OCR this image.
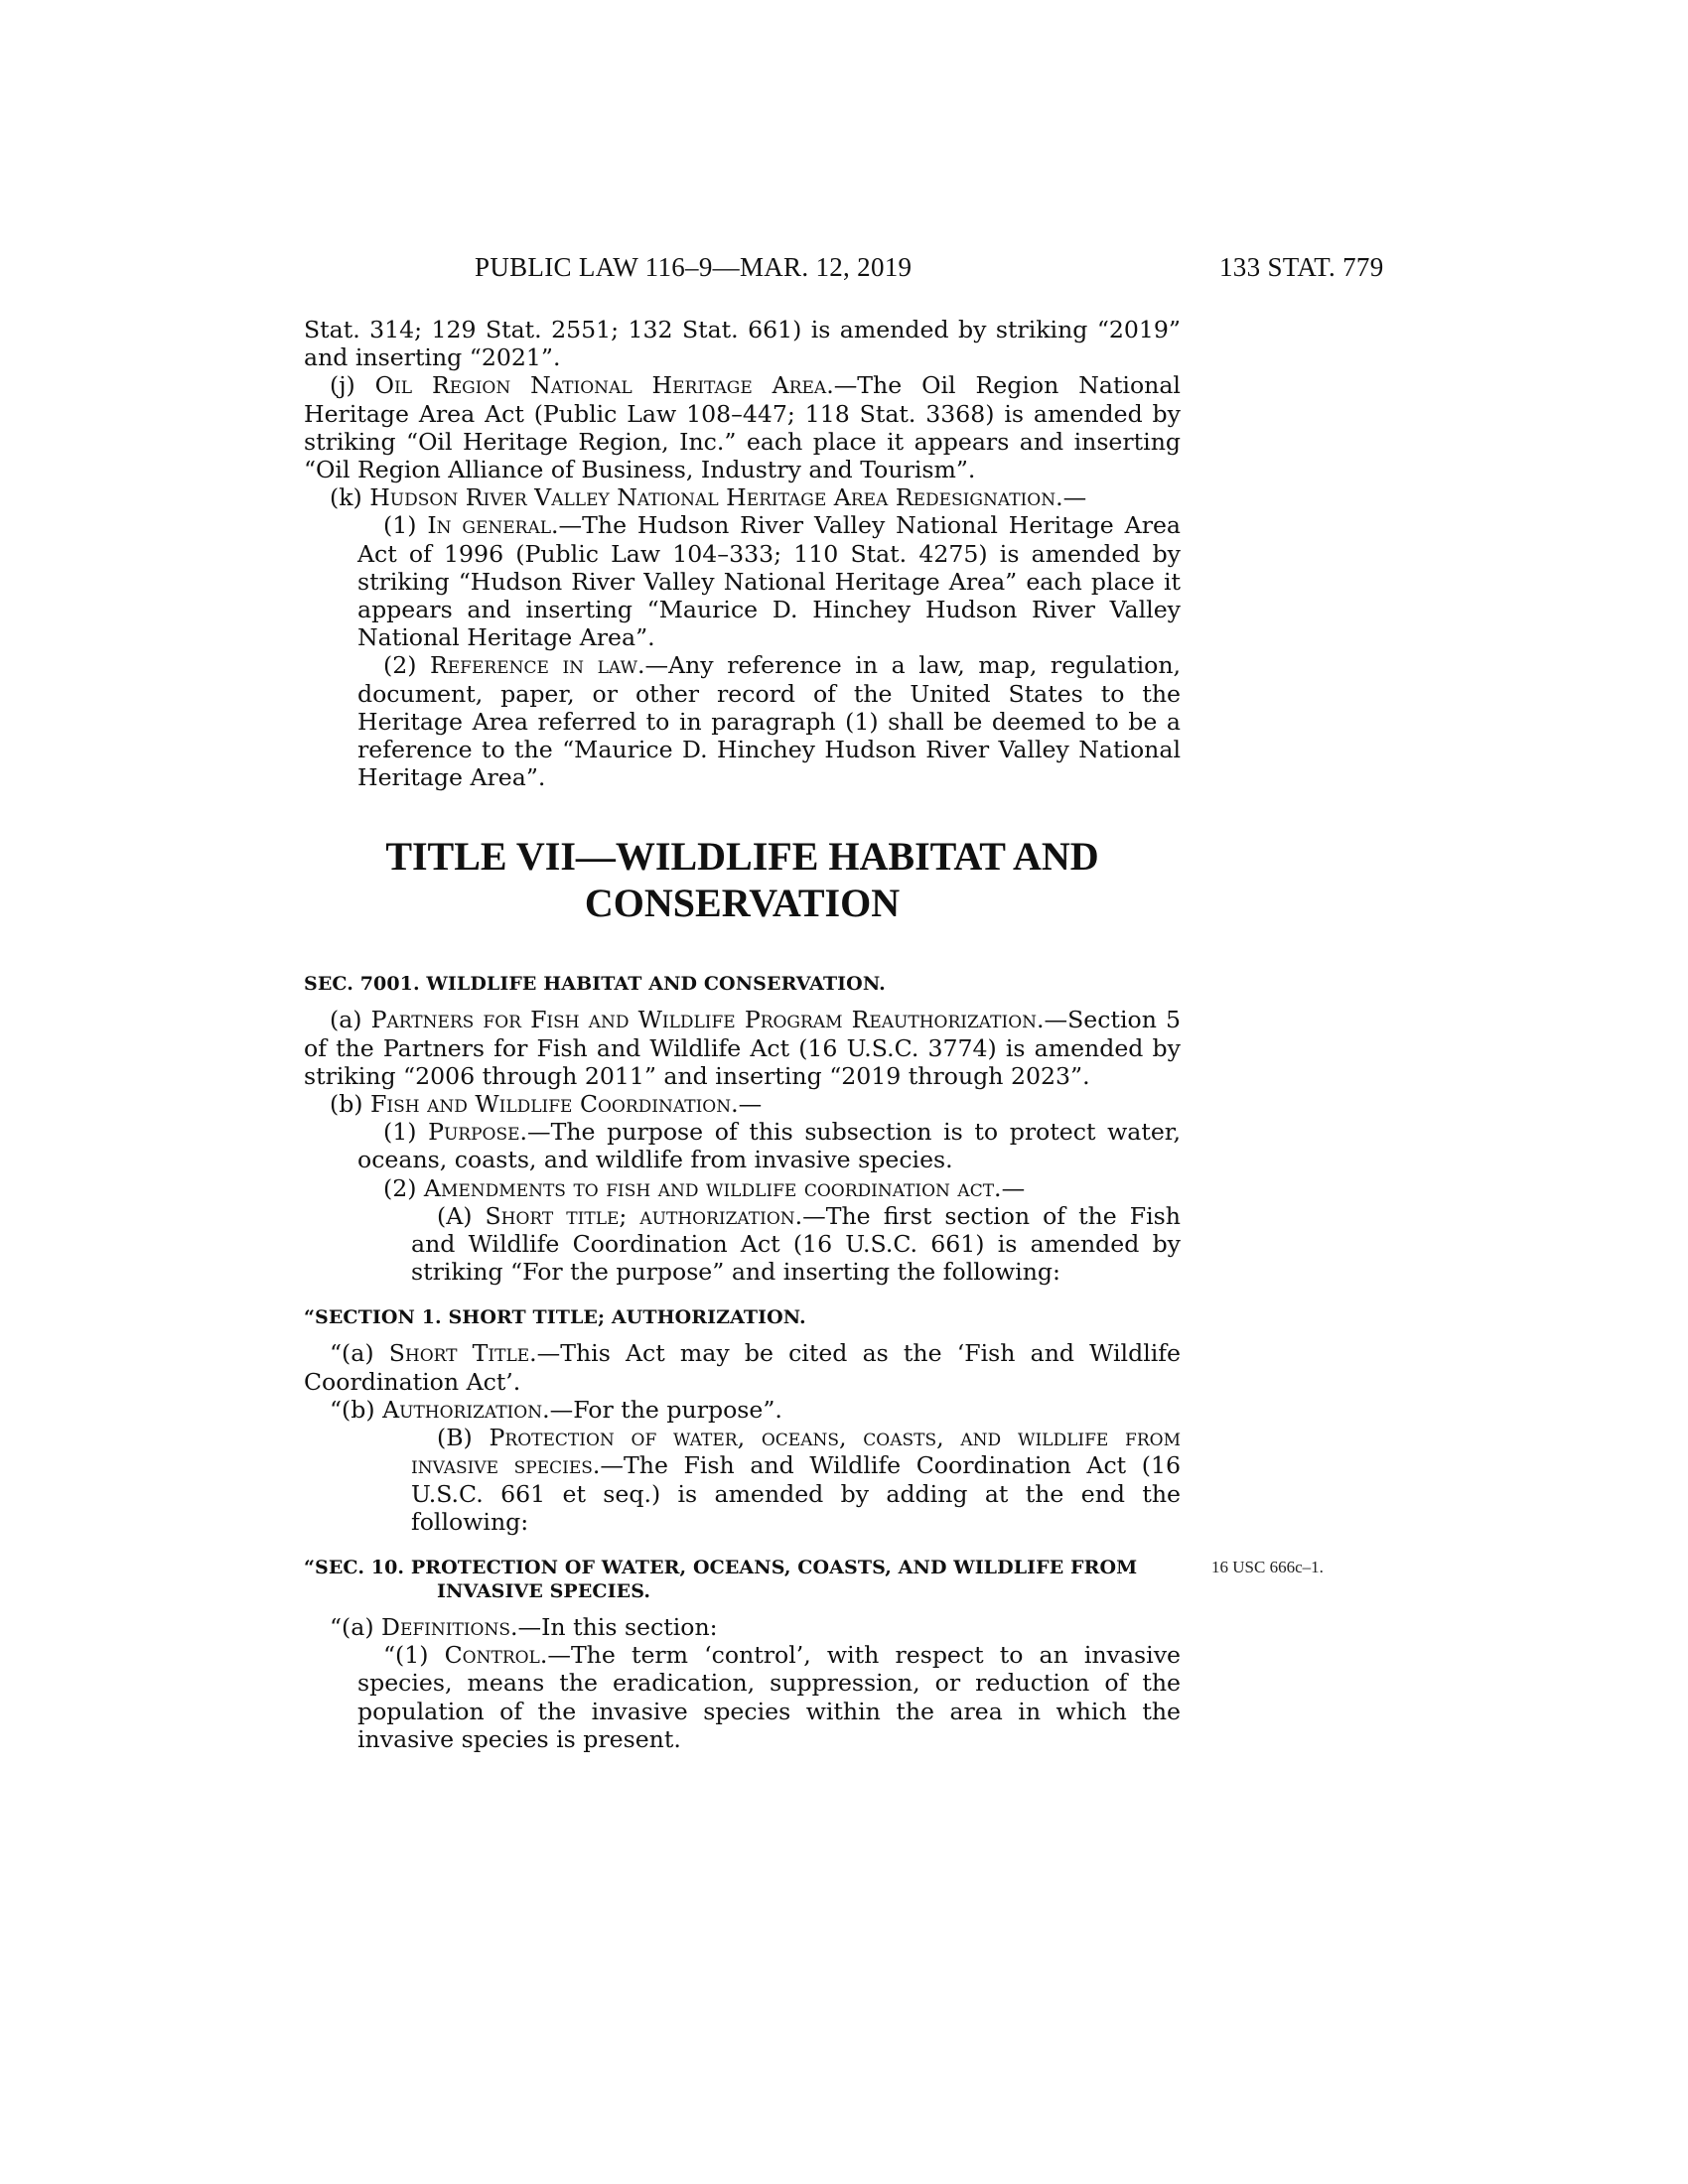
PUBLIC LAW 116–9—MAR. 12, 2019	133 STAT. 779

Stat. 314; 129 Stat. 2551; 132 Stat. 661) is amended by striking “2019” and inserting “2021”.

(j) Oil Region National Heritage Area.—The Oil Region National Heritage Area Act (Public Law 108–447; 118 Stat. 3368) is amended by striking “Oil Heritage Region, Inc.” each place it appears and inserting “Oil Region Alliance of Business, Industry and Tourism”.

(k) Hudson River Valley National Heritage Area Redesignation.—

(1) In general.—The Hudson River Valley National Heritage Area Act of 1996 (Public Law 104–333; 110 Stat. 4275) is amended by striking “Hudson River Valley National Heritage Area” each place it appears and inserting “Maurice D. Hinchey Hudson River Valley National Heritage Area”.

(2) Reference in law.—Any reference in a law, map, regulation, document, paper, or other record of the United States to the Heritage Area referred to in paragraph (1) shall be deemed to be a reference to the “Maurice D. Hinchey Hudson River Valley National Heritage Area”.

TITLE VII—WILDLIFE HABITAT AND
CONSERVATION
SEC. 7001. WILDLIFE HABITAT AND CONSERVATION.

(a) Partners for Fish and Wildlife Program Reauthorization.—Section 5 of the Partners for Fish and Wildlife Act (16 U.S.C. 3774) is amended by striking “2006 through 2011” and inserting “2019 through 2023”.

(b) Fish and Wildlife Coordination.—

(1) Purpose.—The purpose of this subsection is to protect water, oceans, coasts, and wildlife from invasive species.

(2) Amendments to fish and wildlife coordination act.—

(A) Short title; authorization.—The first section of the Fish and Wildlife Coordination Act (16 U.S.C. 661) is amended by striking “For the purpose” and inserting the following:

“SECTION 1. SHORT TITLE; AUTHORIZATION.

“(a) Short Title.—This Act may be cited as the ‘Fish and Wildlife Coordination Act’.

“(b) Authorization.—For the purpose”.

(B) Protection of water, oceans, coasts, and wildlife from invasive species.—The Fish and Wildlife Coordination Act (16 U.S.C. 661 et seq.) is amended by adding at the end the following:

“SEC. 10. PROTECTION OF WATER, OCEANS, COASTS, AND WILDLIFE FROM INVASIVE SPECIES.

“(a) Definitions.—In this section:

“(1) Control.—The term ‘control’, with respect to an invasive species, means the eradication, suppression, or reduction of the population of the invasive species within the area in which the invasive species is present.

16 USC 666c–1.
